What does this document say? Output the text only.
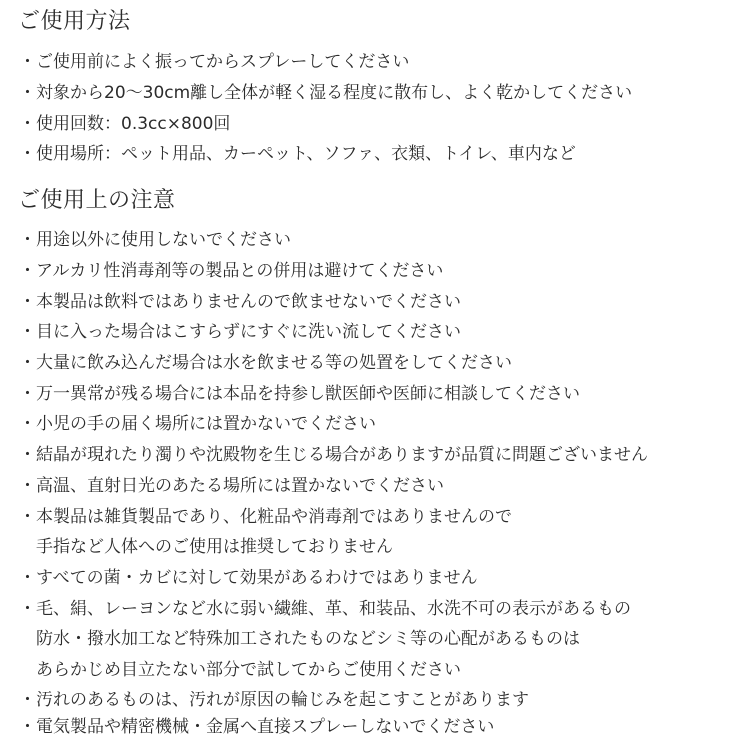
ご使用方法
・ ご使用前によく振ってからスプレーしてください
・ 対象から20〜30cm離し全体が軽く湿る程度に散布し、よく乾かしてください
・ 使用回数：0.3cc×800回
・ 使用場所：ペット用品、カーペット、ソファ、衣類、トイレ、車内など
ご使用上の注意
・ 用途以外に使用しないでください
・ アルカリ性消毒剤等の製品との併用は避けてください
・ 本製品は飲料ではありませんので飲ませないでください
・ 目に入った場合はこすらずにすぐに洗い流してください
・ 大量に飲み込んだ場合は水を飲ませる等の処置をしてください
・ 万一異常が残る場合には本品を持参し獣医師や医師に相談してください
・ 小児の手の届く場所には置かないでください
・ 結晶が現れたり濁りや沈殿物を生じる場合がありますが品質に問題ございません
・ 高温、直射日光のあたる場所には置かないでください
・ 本製品は雑貨製品であり、化粧品や消毒剤ではありませんので
手指など人体へのご使用は推奨しておりません
・ すべての菌・カビに対して効果があるわけではありません
・ 毛、絹、レーヨンなど水に弱い繊維、革、和装品、水洗不可の表示があるもの
防水・撥水加工など特殊加工されたものなどシミ等の心配があるものは
あらかじめ目立たない部分で試してからご使用ください
・ 汚れのあるものは、汚れが原因の輪じみを起こすことがあります
・ 電気製品や精密機械・金属へ直接スプレーしないでください
